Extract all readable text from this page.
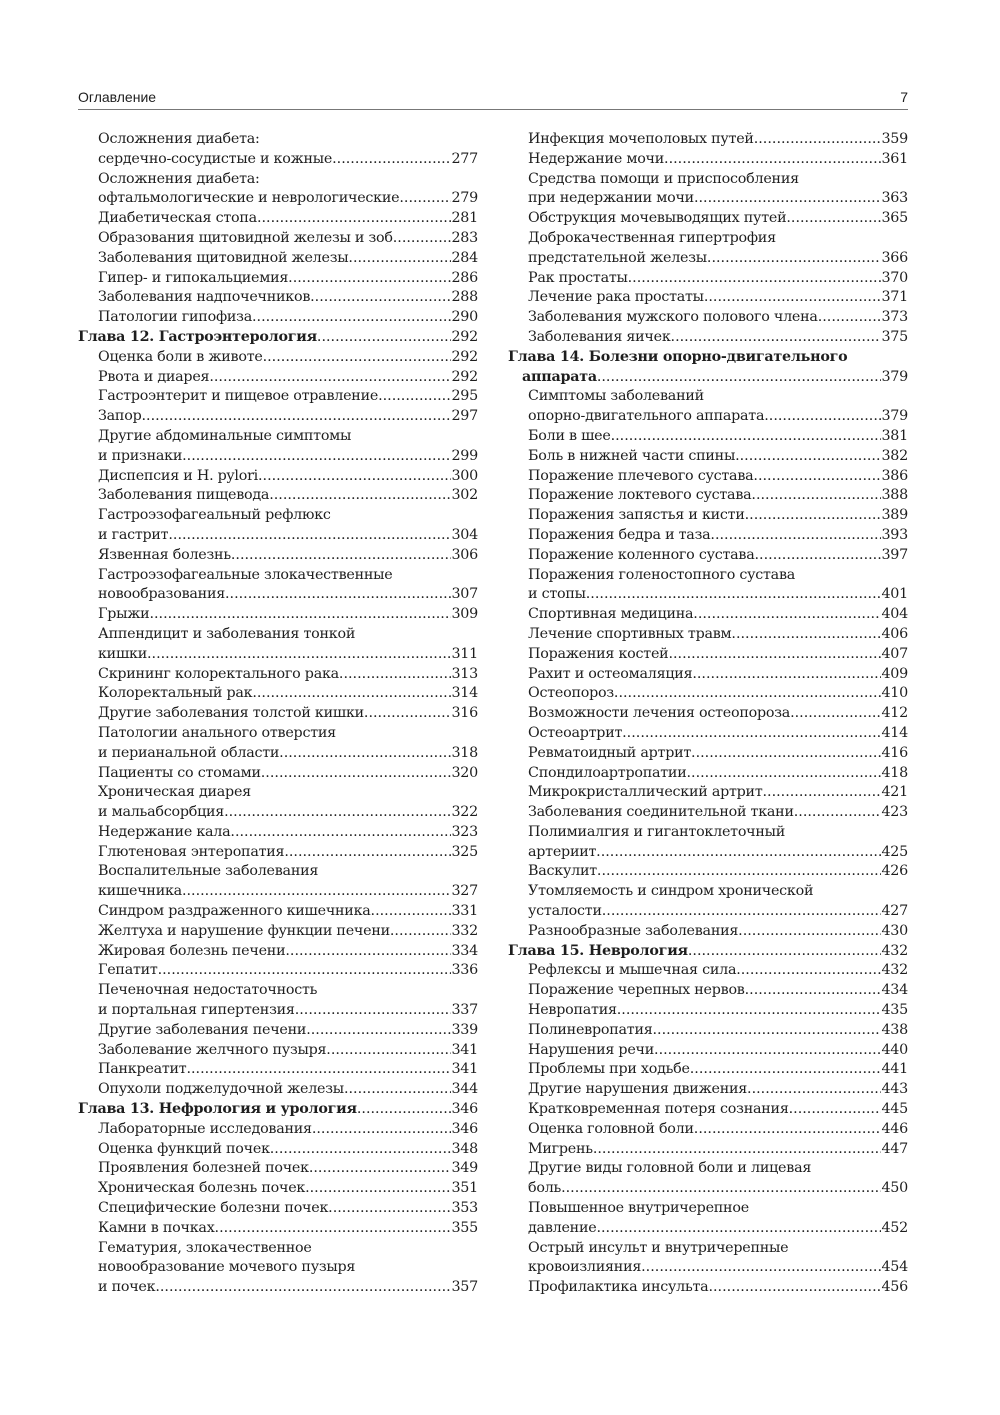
Оглавление	7
Осложнения диабета:
сердечно-сосудистые и кожные .....	277
Осложнения диабета:
офтальмологические и неврологические .....	279
Диабетическая стопа .....	281
Образования щитовидной железы и зоб .....	283
Заболевания щитовидной железы .....	284
Гипер- и гипокальциемия .....	286
Заболевания надпочечников .....	288
Патологии гипофиза .....	290
Глава 12. Гастроэнтерология .....	292
Оценка боли в животе .....	292
Рвота и диарея .....	292
Гастроэнтерит и пищевое отравление .....	295
Запор .....	297
Другие абдоминальные симптомы
и признаки .....	299
Диспепсия и H. pylori .....	300
Заболевания пищевода .....	302
Гастроэзофагеальный рефлюкс
и гастрит .....	304
Язвенная болезнь .....	306
Гастроэзофагеальные злокачественные
новообразования .....	307
Грыжи .....	309
Аппендицит и заболевания тонкой
кишки .....	311
Скрининг колоректального рака .....	313
Колоректальный рак .....	314
Другие заболевания толстой кишки .....	316
Патологии анального отверстия
и перианальной области .....	318
Пациенты со стомами .....	320
Хроническая диарея
и мальабсорбция .....	322
Недержание кала .....	323
Глютеновая энтеропатия .....	325
Воспалительные заболевания
кишечника .....	327
Синдром раздраженного кишечника .....	331
Желтуха и нарушение функции печени .....	332
Жировая болезнь печени .....	334
Гепатит .....	336
Печеночная недостаточность
и портальная гипертензия .....	337
Другие заболевания печени .....	339
Заболевание желчного пузыря .....	341
Панкреатит .....	341
Опухоли поджелудочной железы .....	344
Глава 13. Нефрология и урология .....	346
Лабораторные исследования .....	346
Оценка функций почек .....	348
Проявления болезней почек .....	349
Хроническая болезнь почек .....	351
Специфические болезни почек .....	353
Камни в почках .....	355
Гематурия, злокачественное
новообразование мочевого пузыря
и почек .....	357
Инфекция мочеполовых путей .....	359
Недержание мочи .....	361
Средства помощи и приспособления
при недержании мочи .....	363
Обструкция мочевыводящих путей .....	365
Доброкачественная гипертрофия
предстательной железы .....	366
Рак простаты .....	370
Лечение рака простаты .....	371
Заболевания мужского полового члена .....	373
Заболевания яичек .....	375
Глава 14. Болезни опорно-двигательного
аппарата .....	379
Симптомы заболеваний
опорно-двигательного аппарата .....	379
Боли в шее .....	381
Боль в нижней части спины .....	382
Поражение плечевого сустава .....	386
Поражение локтевого сустава .....	388
Поражения запястья и кисти .....	389
Поражения бедра и таза .....	393
Поражение коленного сустава .....	397
Поражения голеностопного сустава
и стопы .....	401
Спортивная медицина .....	404
Лечение спортивных травм .....	406
Поражения костей .....	407
Рахит и остеомаляция .....	409
Остеопороз .....	410
Возможности лечения остеопороза .....	412
Остеоартрит .....	414
Ревматоидный артрит .....	416
Спондилоартропатии .....	418
Микрокристаллический артрит .....	421
Заболевания соединительной ткани .....	423
Полимиалгия и гигантоклеточный
артериит .....	425
Васкулит .....	426
Утомляемость и синдром хронической
усталости .....	427
Разнообразные заболевания .....	430
Глава 15. Неврология .....	432
Рефлексы и мышечная сила .....	432
Поражение черепных нервов .....	434
Невропатия .....	435
Полиневропатия .....	438
Нарушения речи .....	440
Проблемы при ходьбе .....	441
Другие нарушения движения .....	443
Кратковременная потеря сознания .....	445
Оценка головной боли .....	446
Мигрень .....	447
Другие виды головной боли и лицевая
боль .....	450
Повышенное внутричерепное
давление .....	452
Острый инсульт и внутричерепные
кровоизлияния .....	454
Профилактика инсульта .....	456
